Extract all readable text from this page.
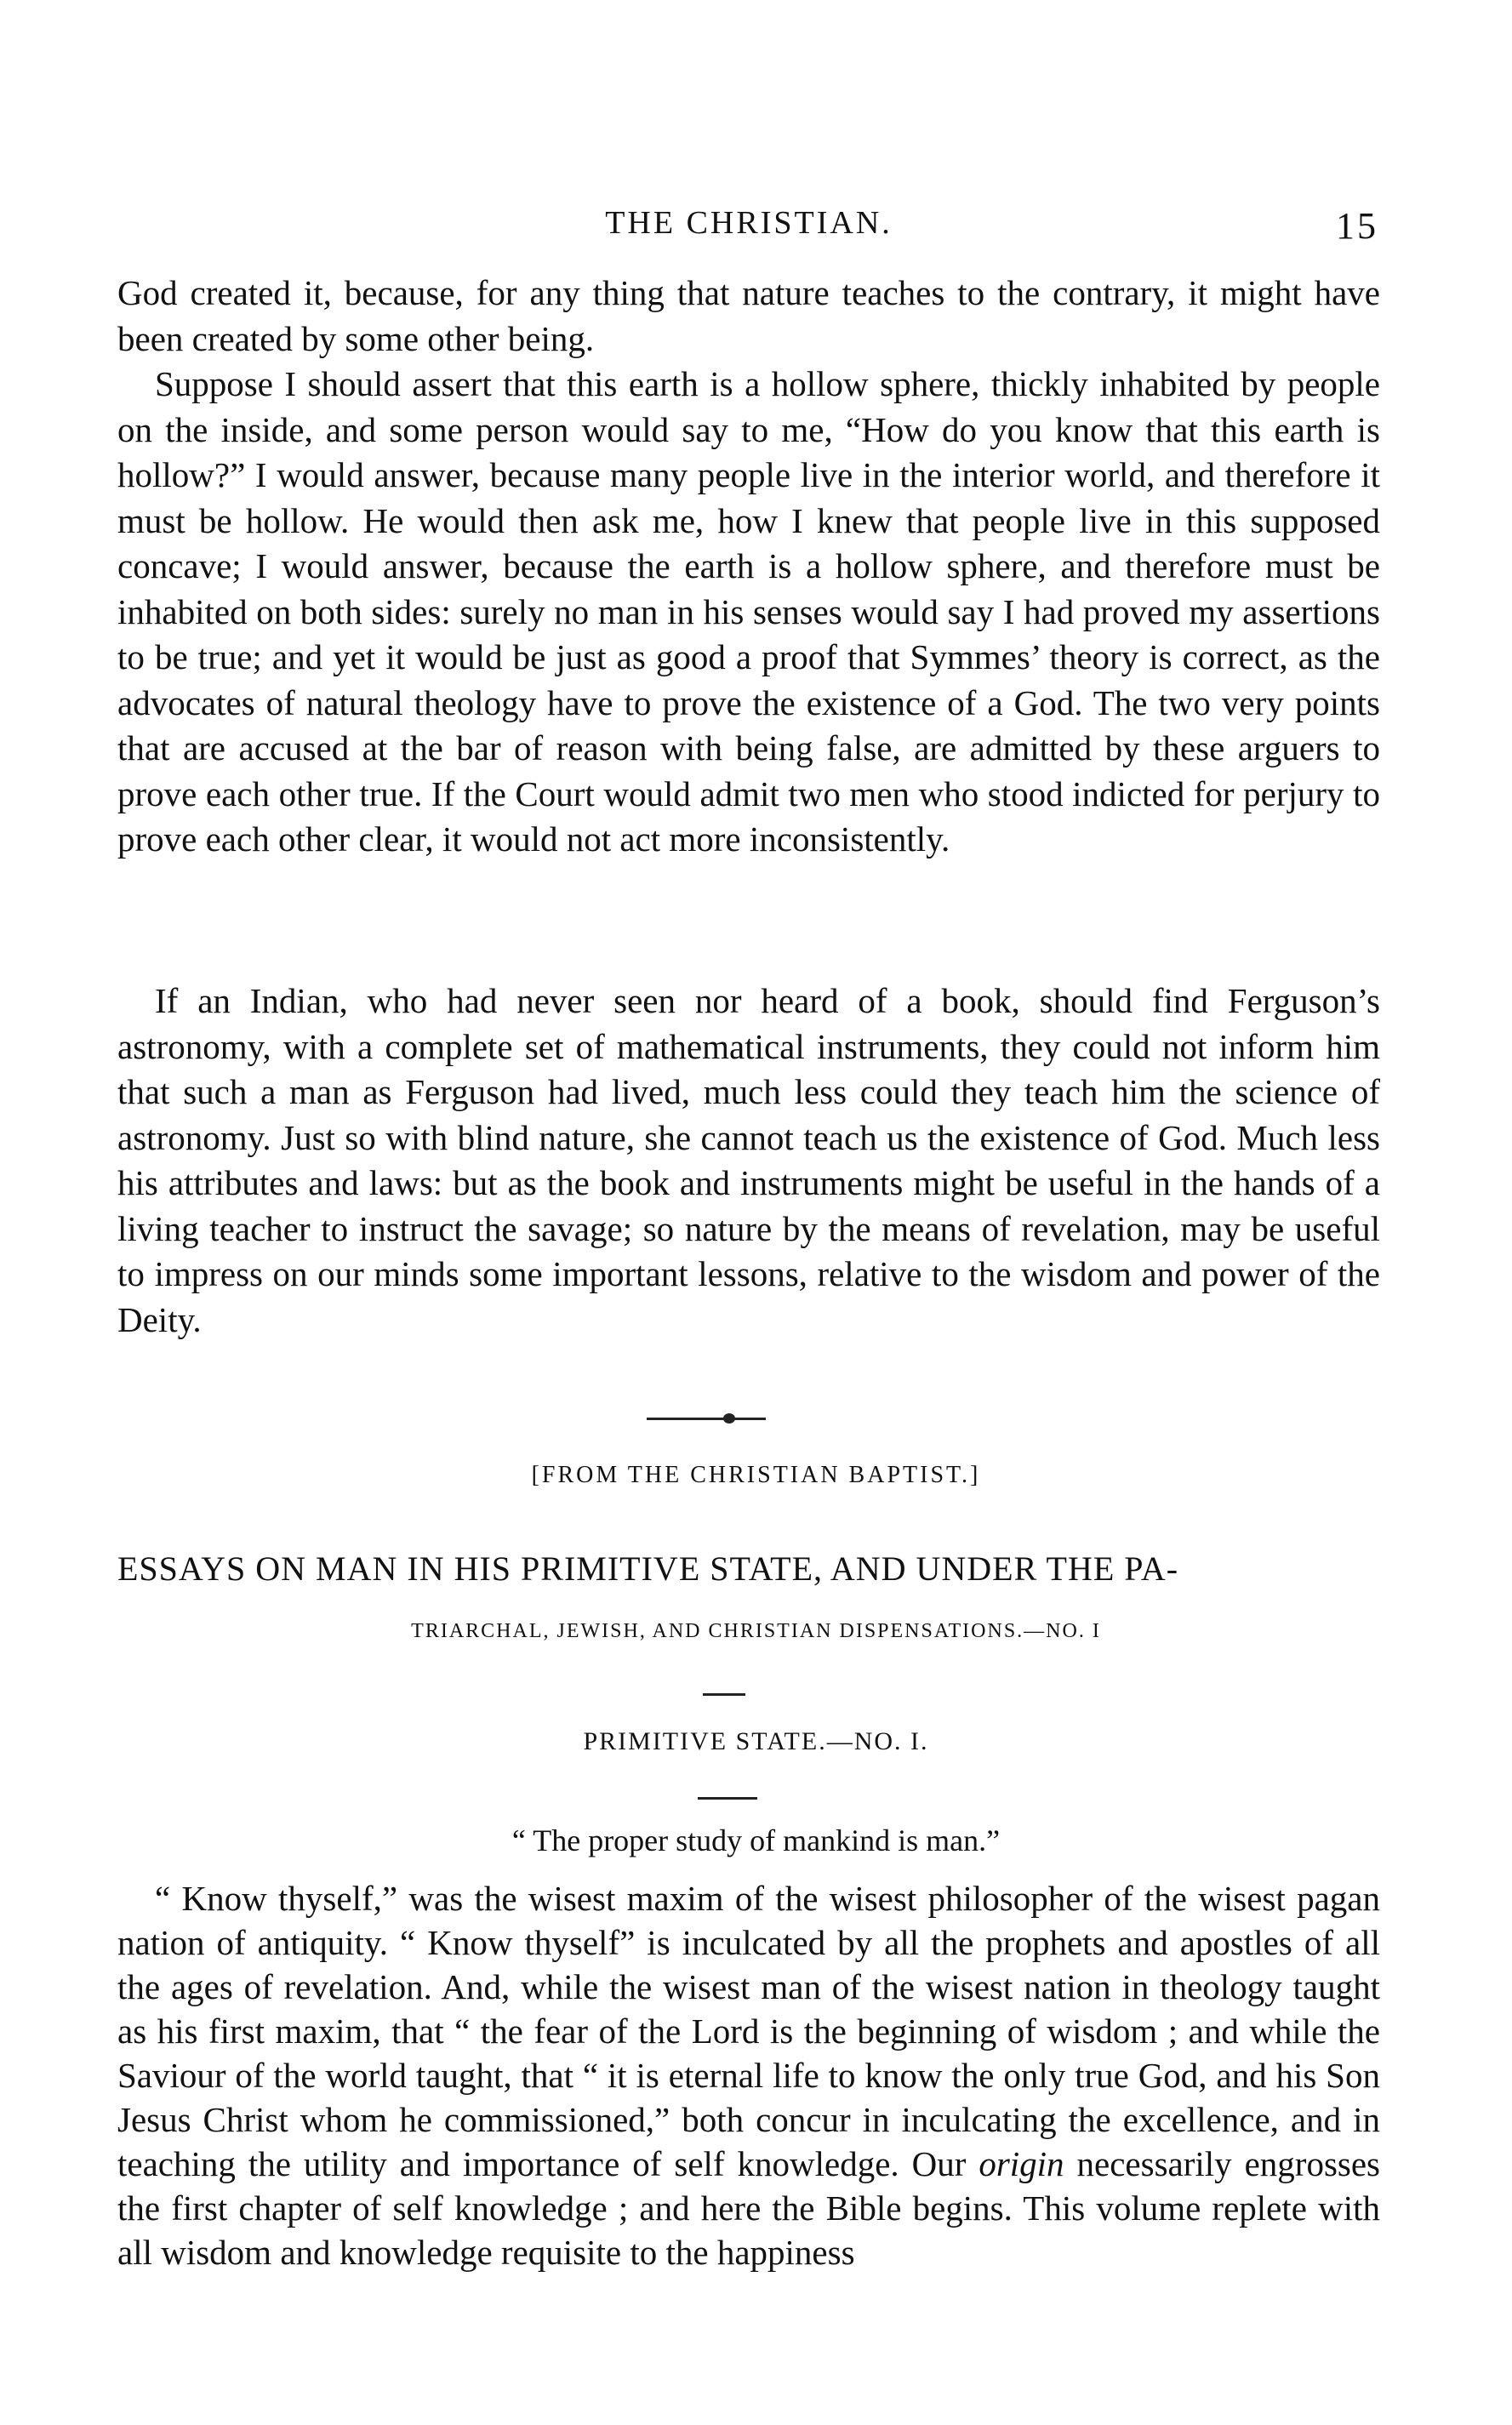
THE CHRISTIAN.	15

God created it, because, for any thing that nature teaches to the contrary, it might have been created by some other being.

Suppose I should assert that this earth is a hollow sphere, thickly inhabited by people on the inside, and some person would say to me, “How do you know that this earth is hollow?” I would answer, because many people live in the interior world, and therefore it must be hollow. He would then ask me, how I knew that people live in this supposed concave; I would answer, because the earth is a hollow sphere, and therefore must be inhabited on both sides: surely no man in his senses would say I had proved my assertions to be true; and yet it would be just as good a proof that Symmes’ theory is correct, as the advocates of natural theology have to prove the existence of a God. The two very points that are accused at the bar of reason with being false, are admitted by these arguers to prove each other true. If the Court would admit two men who stood indicted for perjury to prove each other clear, it would not act more inconsistently.

If an Indian, who had never seen nor heard of a book, should find Ferguson’s astronomy, with a complete set of mathematical instruments, they could not inform him that such a man as Ferguson had lived, much less could they teach him the science of astronomy. Just so with blind nature, she cannot teach us the existence of God. Much less his attributes and laws: but as the book and instruments might be useful in the hands of a living teacher to instruct the savage; so nature by the means of revelation, may be useful to impress on our minds some important lessons, relative to the wisdom and power of the Deity.

[FROM THE CHRISTIAN BAPTIST.]
ESSAYS ON MAN IN HIS PRIMITIVE STATE, AND UNDER THE PA-
TRIARCHAL, JEWISH, AND CHRISTIAN DISPENSATIONS.—NO. I
PRIMITIVE STATE.—NO. I.
“ The proper study of mankind is man.”

“ Know thyself,” was the wisest maxim of the wisest philosopher of the wisest pagan nation of antiquity. “ Know thyself” is inculcated by all the prophets and apostles of all the ages of revelation. And, while the wisest man of the wisest nation in theology taught as his first maxim, that “ the fear of the Lord is the beginning of wisdom ; and while the Saviour of the world taught, that “ it is eternal life to know the only true God, and his Son Jesus Christ whom he commissioned,” both concur in inculcating the excellence, and in teaching the utility and importance of self knowledge. Our origin necessarily engrosses the first chapter of self knowledge ; and here the Bible begins. This volume replete with all wisdom and knowledge requisite to the happiness
